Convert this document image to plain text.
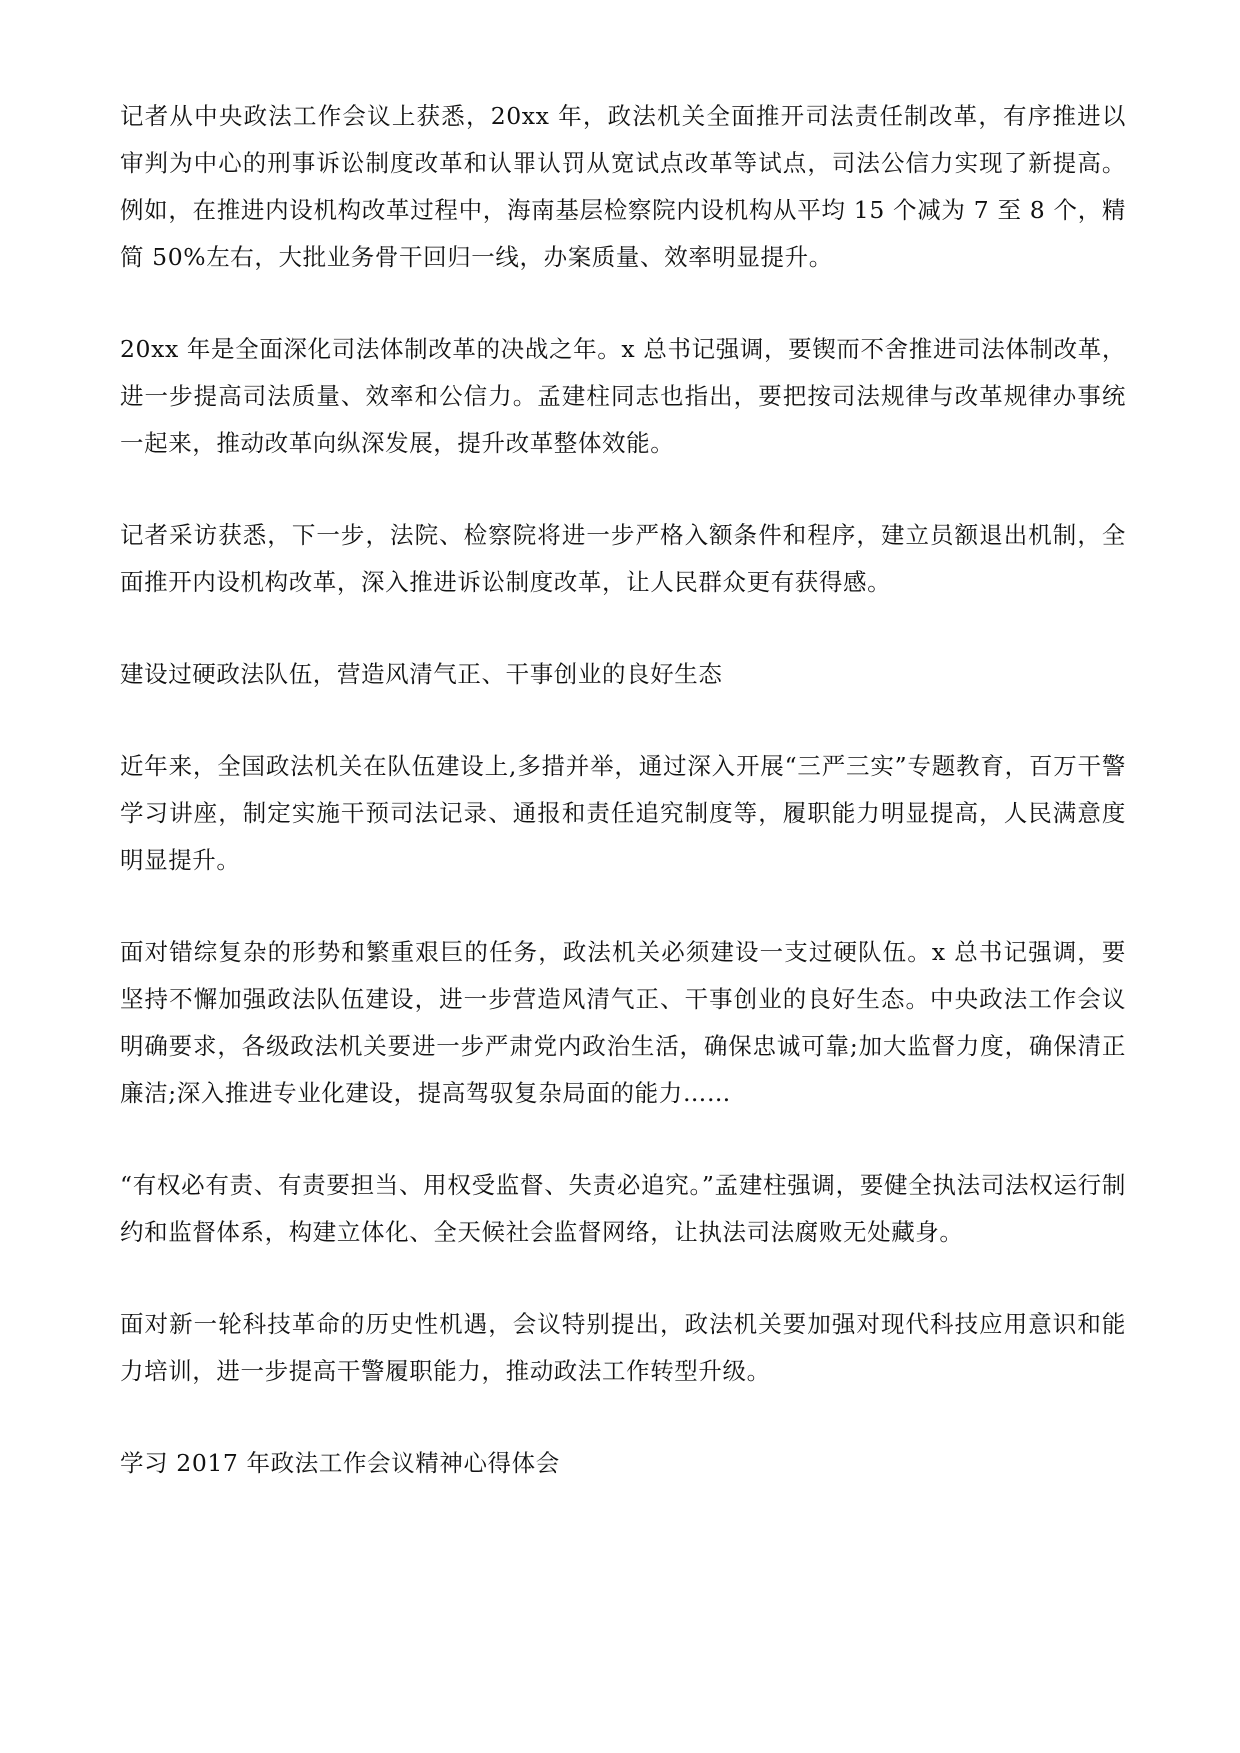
记者从中央政法工作会议上获悉，20xx 年，政法机关全面推开司法责任制改革，有序推进以审判为中心的刑事诉讼制度改革和认罪认罚从宽试点改革等试点，司法公信力实现了新提高。例如，在推进内设机构改革过程中，海南基层检察院内设机构从平均 15 个减为 7 至 8 个，精简 50%左右，大批业务骨干回归一线，办案质量、效率明显提升。

20xx 年是全面深化司法体制改革的决战之年。x 总书记强调，要锲而不舍推进司法体制改革，进一步提高司法质量、效率和公信力。孟建柱同志也指出，要把按司法规律与改革规律办事统一起来，推动改革向纵深发展，提升改革整体效能。

记者采访获悉，下一步，法院、检察院将进一步严格入额条件和程序，建立员额退出机制，全面推开内设机构改革，深入推进诉讼制度改革，让人民群众更有获得感。

建设过硬政法队伍，营造风清气正、干事创业的良好生态

近年来，全国政法机关在队伍建设上,多措并举，通过深入开展“三严三实”专题教育，百万干警学习讲座，制定实施干预司法记录、通报和责任追究制度等，履职能力明显提高，人民满意度明显提升。

面对错综复杂的形势和繁重艰巨的任务，政法机关必须建设一支过硬队伍。x 总书记强调，要坚持不懈加强政法队伍建设，进一步营造风清气正、干事创业的良好生态。中央政法工作会议明确要求，各级政法机关要进一步严肃党内政治生活，确保忠诚可靠;加大监督力度，确保清正廉洁;深入推进专业化建设，提高驾驭复杂局面的能力……

“有权必有责、有责要担当、用权受监督、失责必追究。”孟建柱强调，要健全执法司法权运行制约和监督体系，构建立体化、全天候社会监督网络，让执法司法腐败无处藏身。

面对新一轮科技革命的历史性机遇，会议特别提出，政法机关要加强对现代科技应用意识和能力培训，进一步提高干警履职能力，推动政法工作转型升级。

学习 2017 年政法工作会议精神心得体会
